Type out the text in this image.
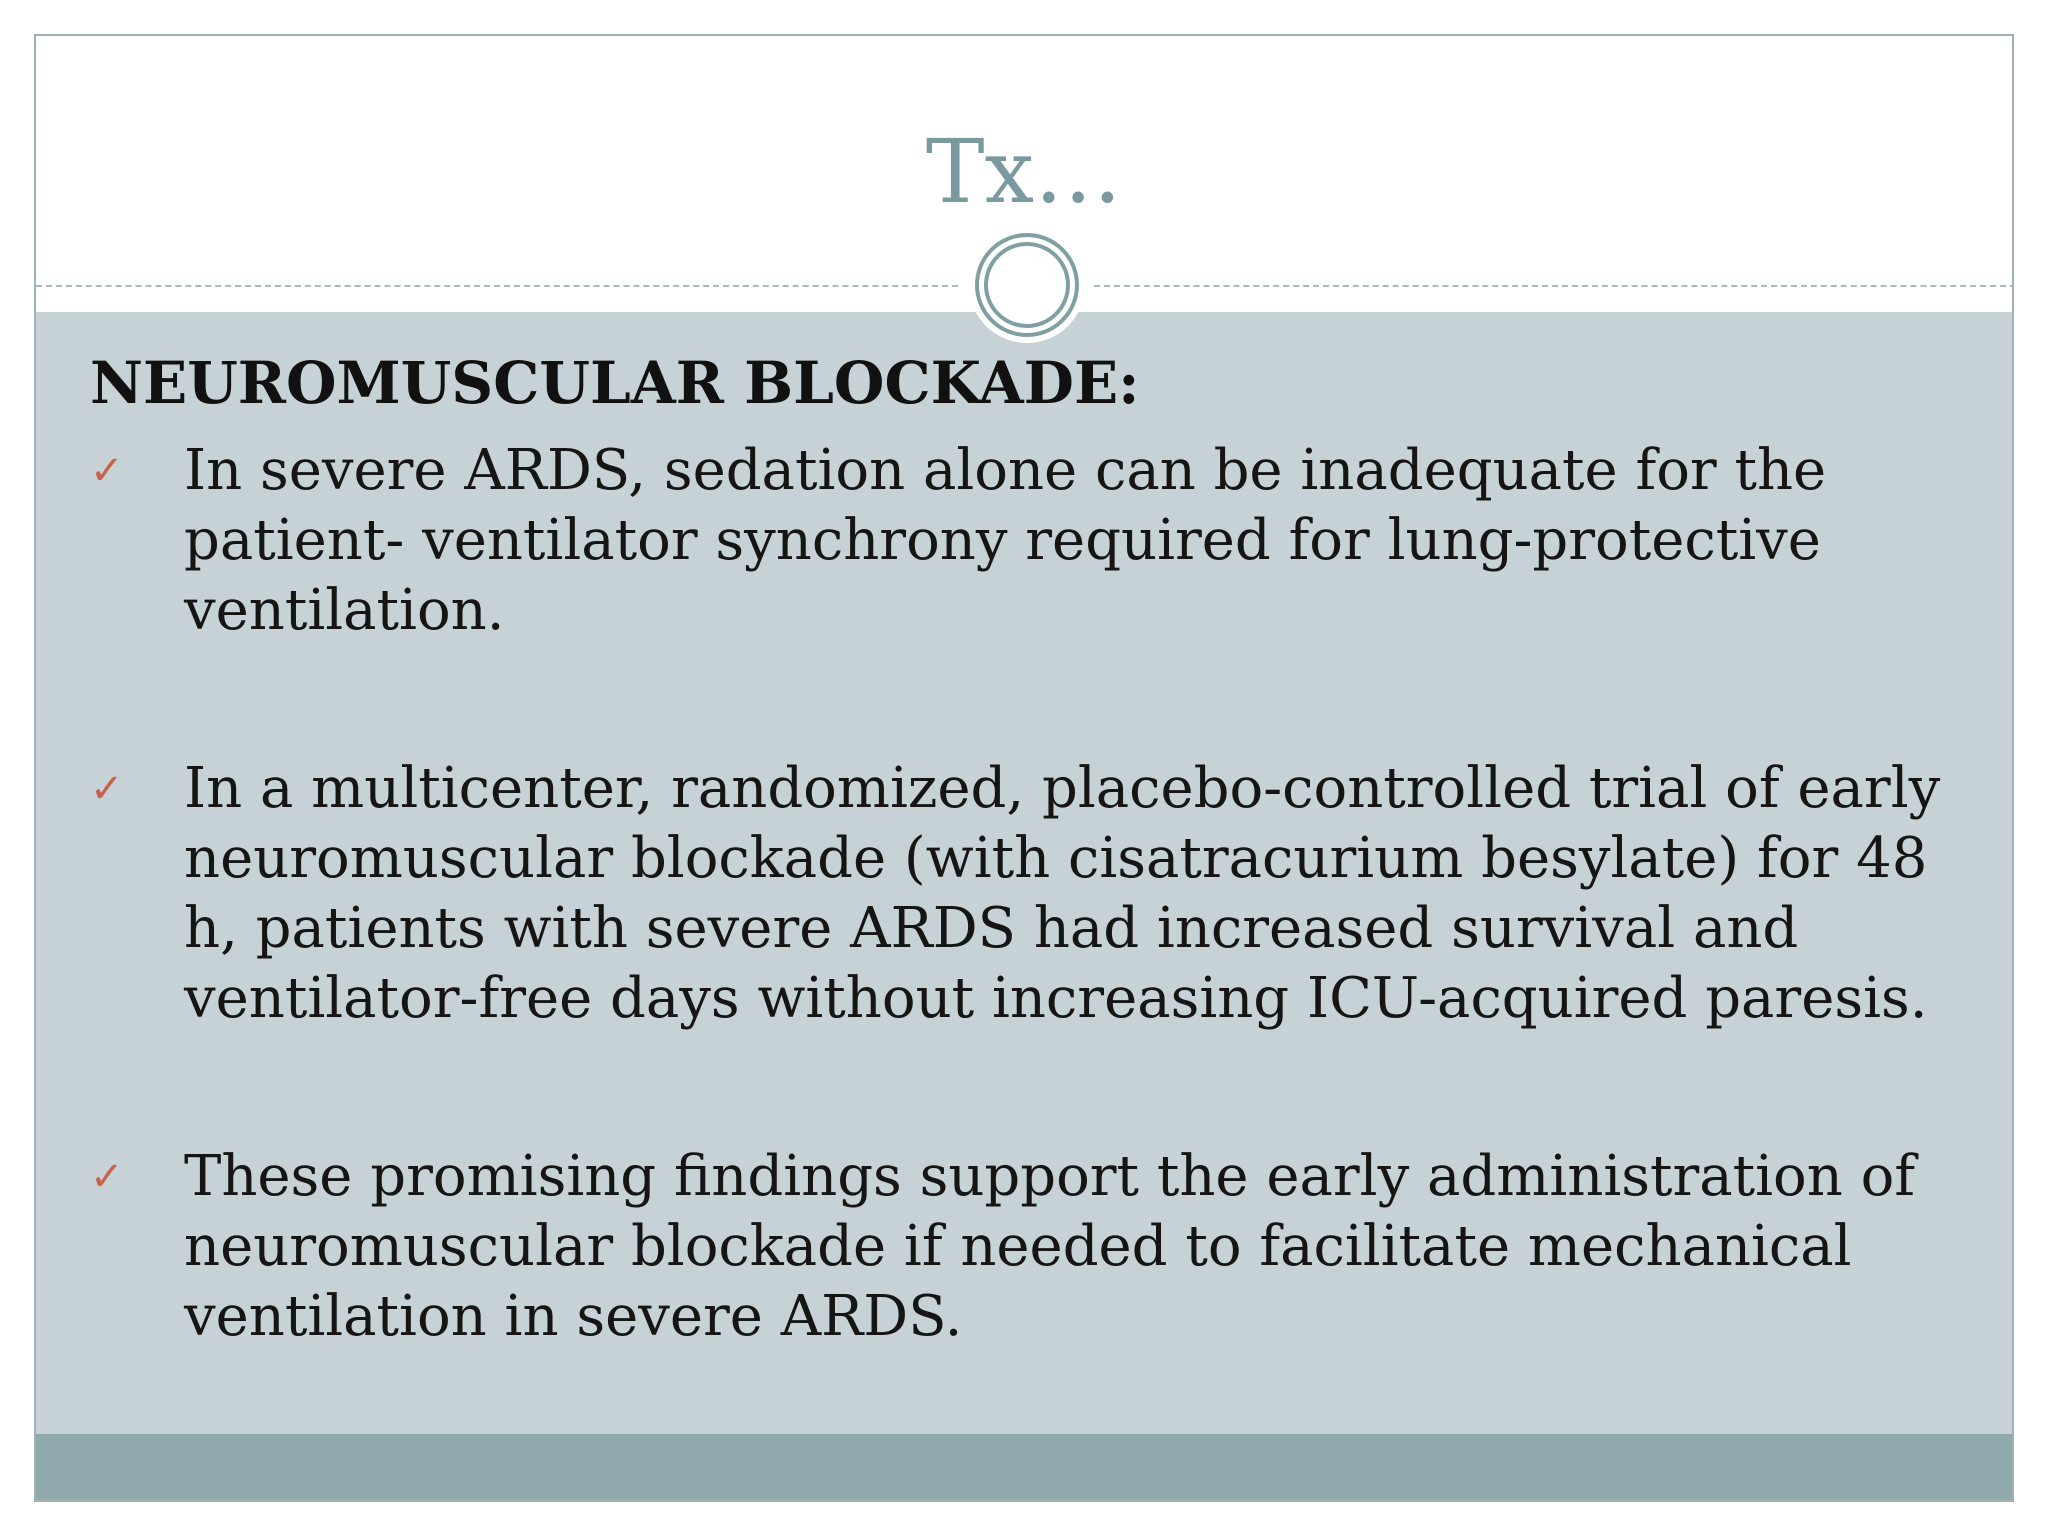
Tx…
NEUROMUSCULAR BLOCKADE:
✓ In severe ARDS, sedation alone can be inadequate for the patient- ventilator synchrony required for lung-protective ventilation.
✓ In a multicenter, randomized, placebo-controlled trial of early neuromuscular blockade (with cisatracurium besylate) for 48 h, patients with severe ARDS had increased survival and ventilator-free days without increasing ICU-acquired paresis.
✓ These promising findings support the early administration of neuromuscular blockade if needed to facilitate mechanical ventilation in severe ARDS.
